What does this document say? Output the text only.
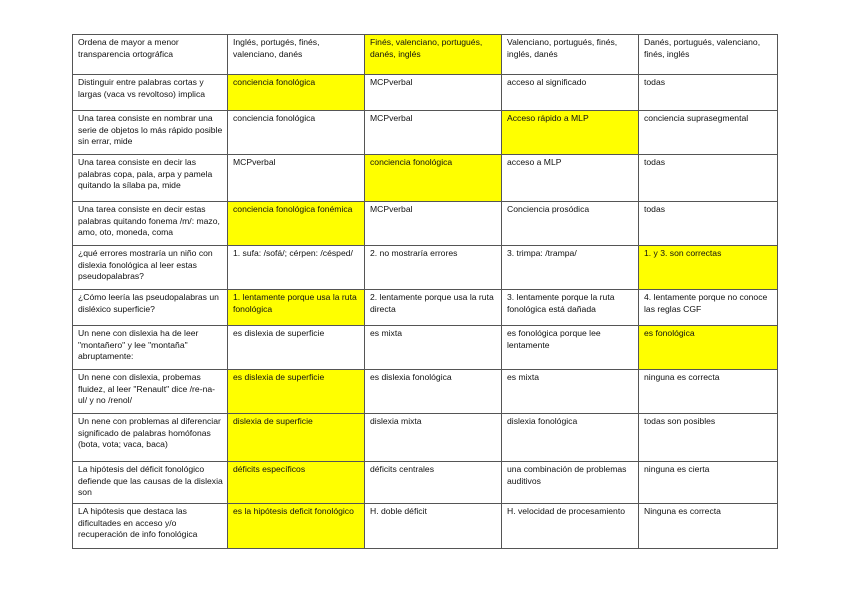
Ordena de mayor a menor transparencia ortográfica	Inglés, portugés, finés, valenciano, danés	Finés, valenciano, portugués, danés, inglés	Valenciano, portugués, finés, inglés, danés	Danés, portugués, valenciano, finés, inglés
Distinguir entre palabras cortas y largas (vaca vs revoltoso) implica	conciencia fonológica	MCPverbal	acceso al significado	todas
Una tarea consiste en nombrar una serie de objetos lo más rápido posible sin errar, mide	conciencia fonológica	MCPverbal	Acceso rápido a MLP	conciencia suprasegmental
Una tarea consiste en decir las palabras copa, pala, arpa y pamela quitando la sílaba pa, mide	MCPverbal	conciencia fonológica	acceso a MLP	todas
Una tarea consiste en decir estas palabras quitando fonema /m/: mazo, amo, oto, moneda, coma	conciencia fonológica fonémica	MCPverbal	Conciencia prosódica	todas
¿qué errores mostraría un niño con dislexia fonológica al leer estas pseudopalabras?	1. sufa: /sofá/; cérpen: /césped/	2. no mostraría errores	3. trimpa: /trampa/	1. y 3. son correctas
¿Cómo leería las pseudopalabras un disléxico superficie?	1. lentamente porque usa la ruta fonológica	2. lentamente porque usa la ruta directa	3. lentamente porque la ruta fonológica está dañada	4. lentamente porque no conoce las reglas CGF
Un nene con dislexia ha de leer "montañero" y lee "montaña" abruptamente:	es dislexia de superficie	es mixta	es fonológica porque lee lentamente	es fonológica
Un nene con dislexia, probemas fluidez, al leer "Renault" dice /re-na-ul/ y no /renol/	es dislexia de superficie	es dislexia fonológica	es mixta	ninguna es correcta
Un nene con problemas al diferenciar significado de palabras homófonas (bota, vota; vaca, baca)	dislexia de superficie	dislexia mixta	dislexia fonológica	todas son posibles
La hipótesis del déficit fonológico defiende que las causas de la dislexia son	déficits específicos	déficits centrales	una combinación de problemas auditivos	ninguna es cierta
LA hipótesis que destaca las dificultades en acceso y/o recuperación de info fonológica	es la hipótesis deficit fonológico	H. doble déficit	H. velocidad de procesamiento	Ninguna es correcta
